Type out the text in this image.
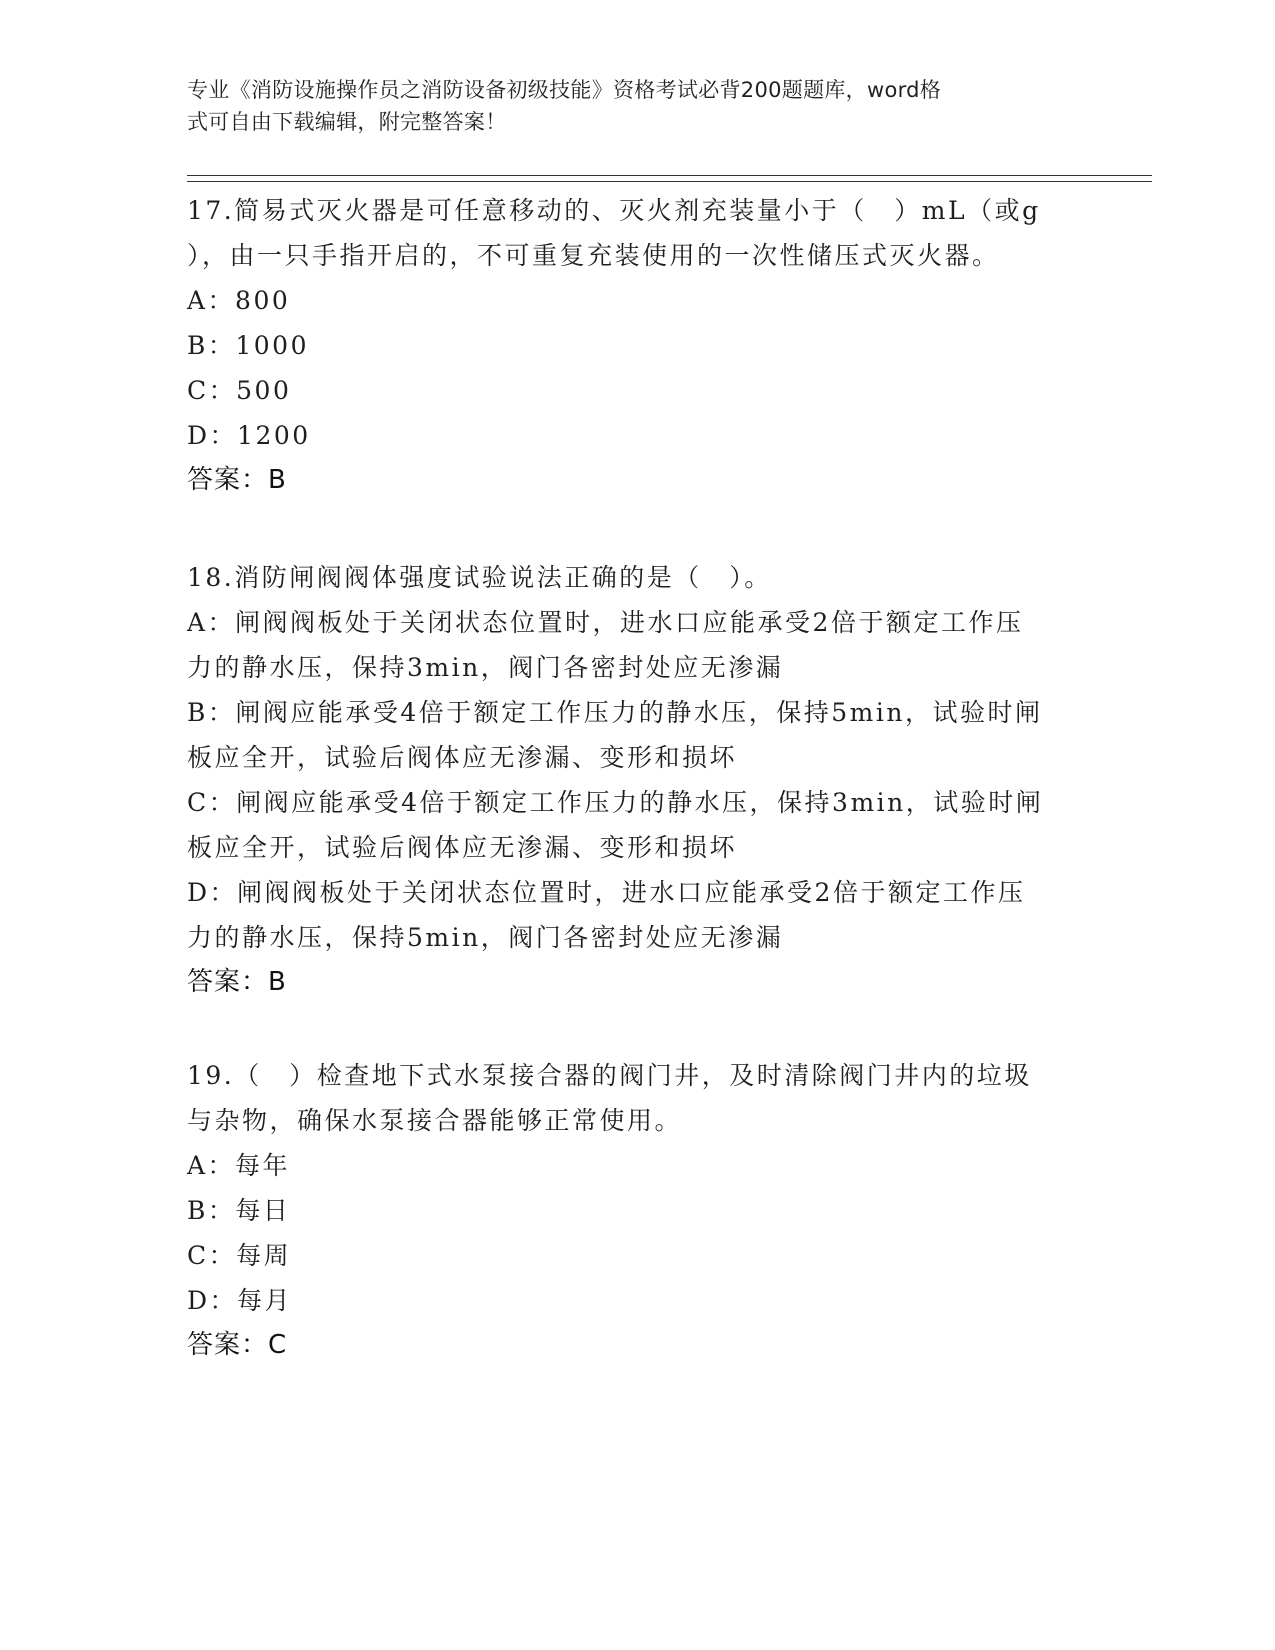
专业《消防设施操作员之消防设备初级技能》资格考试必背200题题库，word格
式可自由下载编辑，附完整答案！
17.简易式灭火器是可任意移动的、灭火剂充装量小于（　）mL（或g
），由一只手指开启的，不可重复充装使用的一次性储压式灭火器。
A：800
B：1000
C：500
D：1200
答案：B
18.消防闸阀阀体强度试验说法正确的是（　）。
A：闸阀阀板处于关闭状态位置时，进水口应能承受2倍于额定工作压
力的静水压，保持3min，阀门各密封处应无渗漏
B：闸阀应能承受4倍于额定工作压力的静水压，保持5min，试验时闸
板应全开，试验后阀体应无渗漏、变形和损坏
C：闸阀应能承受4倍于额定工作压力的静水压，保持3min，试验时闸
板应全开，试验后阀体应无渗漏、变形和损坏
D：闸阀阀板处于关闭状态位置时，进水口应能承受2倍于额定工作压
力的静水压，保持5min，阀门各密封处应无渗漏
答案：B
19.（　）检查地下式水泵接合器的阀门井，及时清除阀门井内的垃圾
与杂物，确保水泵接合器能够正常使用。
A：每年
B：每日
C：每周
D：每月
答案：C
